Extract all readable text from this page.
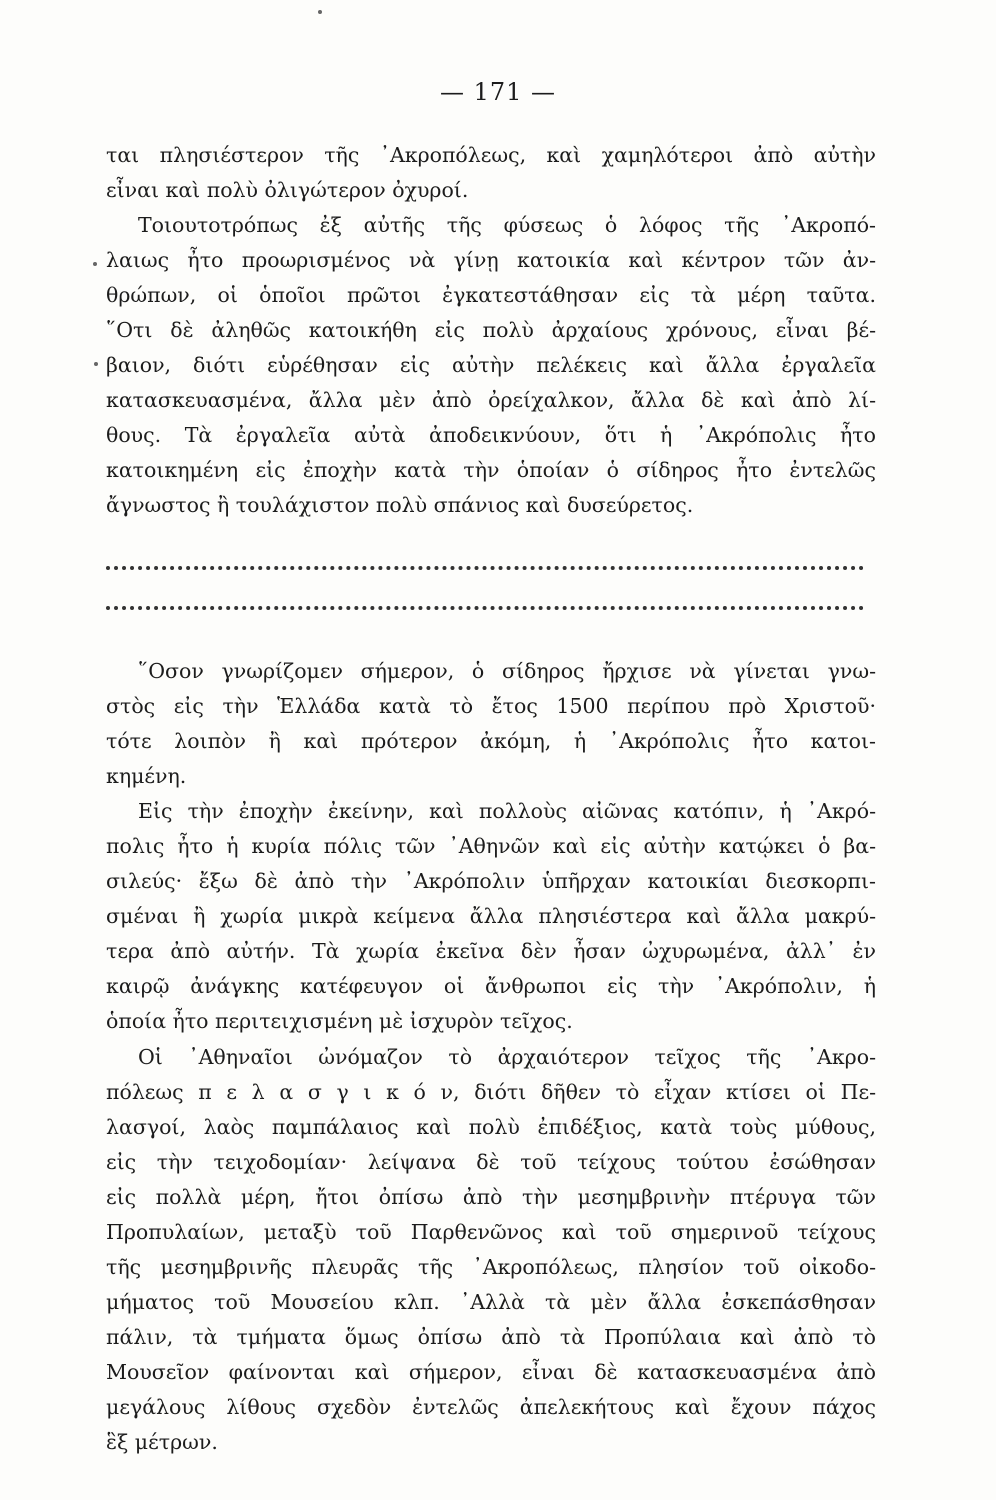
— 171 —
ται πλησιέστερον τῆς ᾿Ακροπόλεως, καὶ χαμηλότεροι ἀπὸ αὐτὴν
εἶναι καὶ πολὺ ὀλιγώτερον ὀχυροί.
Τοιουτοτρόπως ἐξ αὐτῆς τῆς φύσεως ὁ λόφος τῆς ᾿Ακροπό-
λαιως ἦτο προωρισμένος νὰ γίνῃ κατοικία καὶ κέντρον τῶν ἀν-
θρώπων, οἱ ὁποῖοι πρῶτοι ἐγκατεστάθησαν εἰς τὰ μέρη ταῦτα.
῞Οτι δὲ ἀληθῶς κατοικήθη εἰς πολὺ ἀρχαίους χρόνους, εἶναι βέ-
βαιον, διότι εὑρέθησαν εἰς αὐτὴν πελέκεις καὶ ἄλλα ἐργαλεῖα
κατασκευασμένα, ἄλλα μὲν ἀπὸ ὀρείχαλκον, ἄλλα δὲ καὶ ἀπὸ λί-
θους. Τὰ ἐργαλεῖα αὐτὰ ἀποδεικνύουν, ὅτι ἡ ᾿Ακρόπολις ἦτο
κατοικημένη εἰς ἐποχὴν κατὰ τὴν ὁποίαν ὁ σίδηρος ἦτο ἐντελῶς
ἄγνωστος ἢ τουλάχιστον πολὺ σπάνιος καὶ δυσεύρετος.
῞Οσον γνωρίζομεν σήμερον, ὁ σίδηρος ἤρχισε νὰ γίνεται γνω-
στὸς εἰς τὴν Ἑλλάδα κατὰ τὸ ἔτος 1500 περίπου πρὸ Χριστοῦ·
τότε λοιπὸν ἢ καὶ πρότερον ἀκόμη, ἡ ᾿Ακρόπολις ἦτο κατοι-
κημένη.
Εἰς τὴν ἐποχὴν ἐκείνην, καὶ πολλοὺς αἰῶνας κατόπιν, ἡ ᾿Ακρό-
πολις ἦτο ἡ κυρία πόλις τῶν ᾿Αθηνῶν καὶ εἰς αὐτὴν κατῴκει ὁ βα-
σιλεύς· ἔξω δὲ ἀπὸ τὴν ᾿Ακρόπολιν ὑπῆρχαν κατοικίαι διεσκορπι-
σμέναι ἢ χωρία μικρὰ κείμενα ἄλλα πλησιέστερα καὶ ἄλλα μακρύ-
τερα ἀπὸ αὐτήν. Τὰ χωρία ἐκεῖνα δὲν ἦσαν ὠχυρωμένα, ἀλλ᾿ ἐν
καιρῷ ἀνάγκης κατέφευγον οἱ ἄνθρωποι εἰς τὴν ᾿Ακρόπολιν, ἡ
ὁποία ἦτο περιτειχισμένη μὲ ἰσχυρὸν τεῖχος.
Οἱ ᾿Αθηναῖοι ὠνόμαζον τὸ ἀρχαιότερον τεῖχος τῆς ᾿Ακρο-
πόλεως π ε λ α σ γ ι κ ό ν, διότι δῆθεν τὸ εἶχαν κτίσει οἱ Πε-
λασγοί, λαὸς παμπάλαιος καὶ πολὺ ἐπιδέξιος, κατὰ τοὺς μύθους,
εἰς τὴν τειχοδομίαν· λείψανα δὲ τοῦ τείχους τούτου ἐσώθησαν
εἰς πολλὰ μέρη, ἤτοι ὀπίσω ἀπὸ τὴν μεσημβρινὴν πτέρυγα τῶν
Προπυλαίων, μεταξὺ τοῦ Παρθενῶνος καὶ τοῦ σημερινοῦ τείχους
τῆς μεσημβρινῆς πλευρᾶς τῆς ᾿Ακροπόλεως, πλησίον τοῦ οἰκοδο-
μήματος τοῦ Μουσείου κλπ. ᾿Αλλὰ τὰ μὲν ἄλλα ἐσκεπάσθησαν
πάλιν, τὰ τμήματα ὅμως ὀπίσω ἀπὸ τὰ Προπύλαια καὶ ἀπὸ τὸ
Μουσεῖον φαίνονται καὶ σήμερον, εἶναι δὲ κατασκευασμένα ἀπὸ
μεγάλους λίθους σχεδὸν ἐντελῶς ἀπελεκήτους καὶ ἔχουν πάχος
ἓξ μέτρων.
